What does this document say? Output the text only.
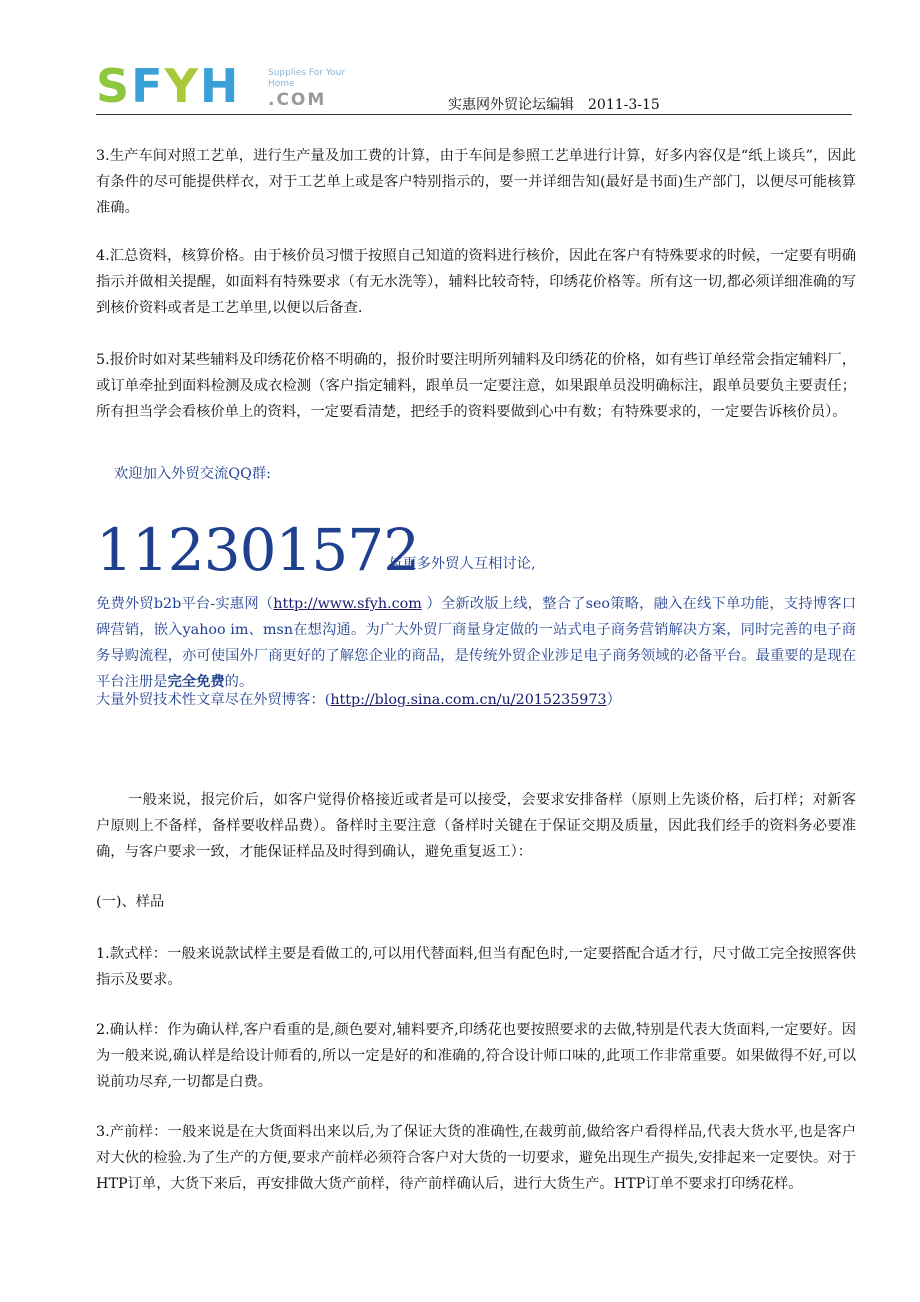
S F Y H	Supplies For Your
Home
.COM	实惠网外贸论坛编辑 2011-3-15

3.生产车间对照工艺单，进行生产量及加工费的计算，由于车间是参照工艺单进行计算，好多内容仅是“纸上谈兵”，因此有条件的尽可能提供样衣，对于工艺单上或是客户特别指示的，要一并详细告知(最好是书面)生产部门，以便尽可能核算准确。

4.汇总资料，核算价格。由于核价员习惯于按照自己知道的资料进行核价，因此在客户有特殊要求的时候，一定要有明确指示并做相关提醒，如面料有特殊要求（有无水洗等），辅料比较奇特，印绣花价格等。所有这一切,都必须详细准确的写到核价资料或者是工艺单里,以便以后备查.

5.报价时如对某些辅料及印绣花价格不明确的，报价时要注明所列辅料及印绣花的价格，如有些订单经常会指定辅料厂，或订单牵扯到面料检测及成衣检测（客户指定辅料，跟单员一定要注意，如果跟单员没明确标注，跟单员要负主要责任；所有担当学会看核价单上的资料，一定要看清楚，把经手的资料要做到心中有数；有特殊要求的，一定要告诉核价员）。

欢迎加入外贸交流QQ群:

112301572
与更多外贸人互相讨论,

免费外贸b2b平台-实惠网（http://www.sfyh.com ）全新改版上线，整合了seo策略，融入在线下单功能，支持博客口碑营销，嵌入yahoo im、msn在想沟通。为广大外贸厂商量身定做的一站式电子商务营销解决方案，同时完善的电子商务导购流程，亦可使国外厂商更好的了解您企业的商品，是传统外贸企业涉足电子商务领域的必备平台。最重要的是现在平台注册是完全免费的。

大量外贸技术性文章尽在外贸博客：(http://blog.sina.com.cn/u/2015235973）

一般来说，报完价后，如客户觉得价格接近或者是可以接受，会要求安排备样（原则上先谈价格，后打样；对新客户原则上不备样，备样要收样品费）。备样时主要注意（备样时关键在于保证交期及质量，因此我们经手的资料务必要准确，与客户要求一致，才能保证样品及时得到确认，避免重复返工）：

(一)、样品

1.款式样：一般来说款试样主要是看做工的,可以用代替面料,但当有配色时,一定要搭配合适才行，尺寸做工完全按照客供指示及要求。

2.确认样：作为确认样,客户看重的是,颜色要对,辅料要齐,印绣花也要按照要求的去做,特别是代表大货面料,一定要好。因为一般来说,确认样是给设计师看的,所以一定是好的和准确的,符合设计师口味的,此项工作非常重要。如果做得不好,可以说前功尽弃,一切都是白费。

3.产前样：一般来说是在大货面料出来以后,为了保证大货的准确性,在裁剪前,做给客户看得样品,代表大货水平,也是客户对大伙的检验.为了生产的方便,要求产前样必须符合客户对大货的一切要求，避免出现生产损失,安排起来一定要快。对于HTP订单，大货下来后，再安排做大货产前样，待产前样确认后，进行大货生产。HTP订单不要求打印绣花样。
